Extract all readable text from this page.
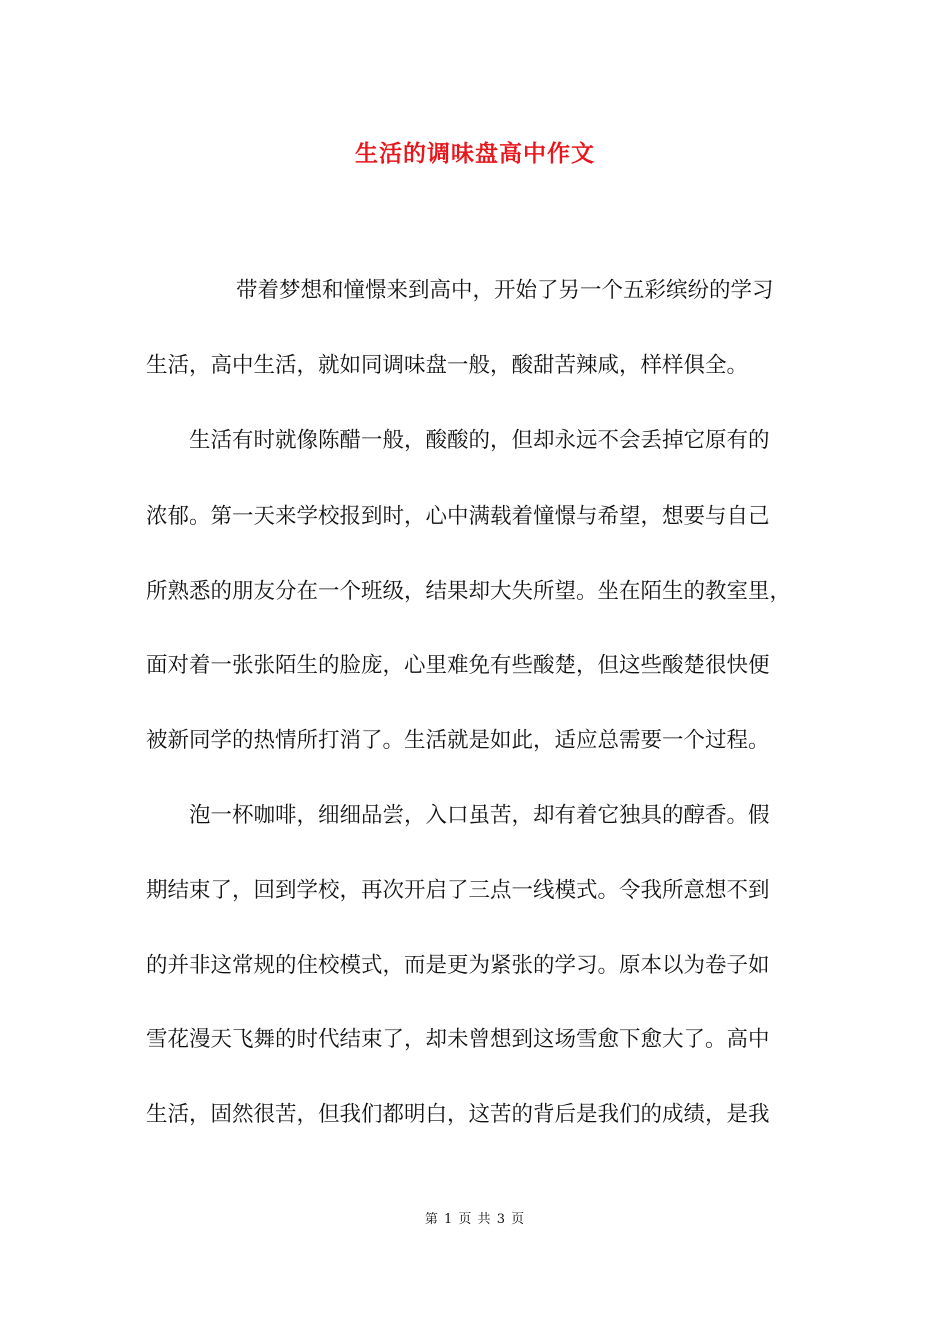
生活的调味盘高中作文
带着梦想和憧憬来到高中，开始了另一个五彩缤纷的学习
生活，高中生活，就如同调味盘一般，酸甜苦辣咸，样样俱全。
生活有时就像陈醋一般，酸酸的，但却永远不会丢掉它原有的
浓郁。第一天来学校报到时，心中满载着憧憬与希望，想要与自己
所熟悉的朋友分在一个班级，结果却大失所望。坐在陌生的教室里，
面对着一张张陌生的脸庞，心里难免有些酸楚，但这些酸楚很快便
被新同学的热情所打消了。生活就是如此，适应总需要一个过程。
泡一杯咖啡，细细品尝，入口虽苦，却有着它独具的醇香。假
期结束了，回到学校，再次开启了三点一线模式。令我所意想不到
的并非这常规的住校模式，而是更为紧张的学习。原本以为卷子如
雪花漫天飞舞的时代结束了，却未曾想到这场雪愈下愈大了。高中
生活，固然很苦，但我们都明白，这苦的背后是我们的成绩，是我
第 1 页 共 3 页
